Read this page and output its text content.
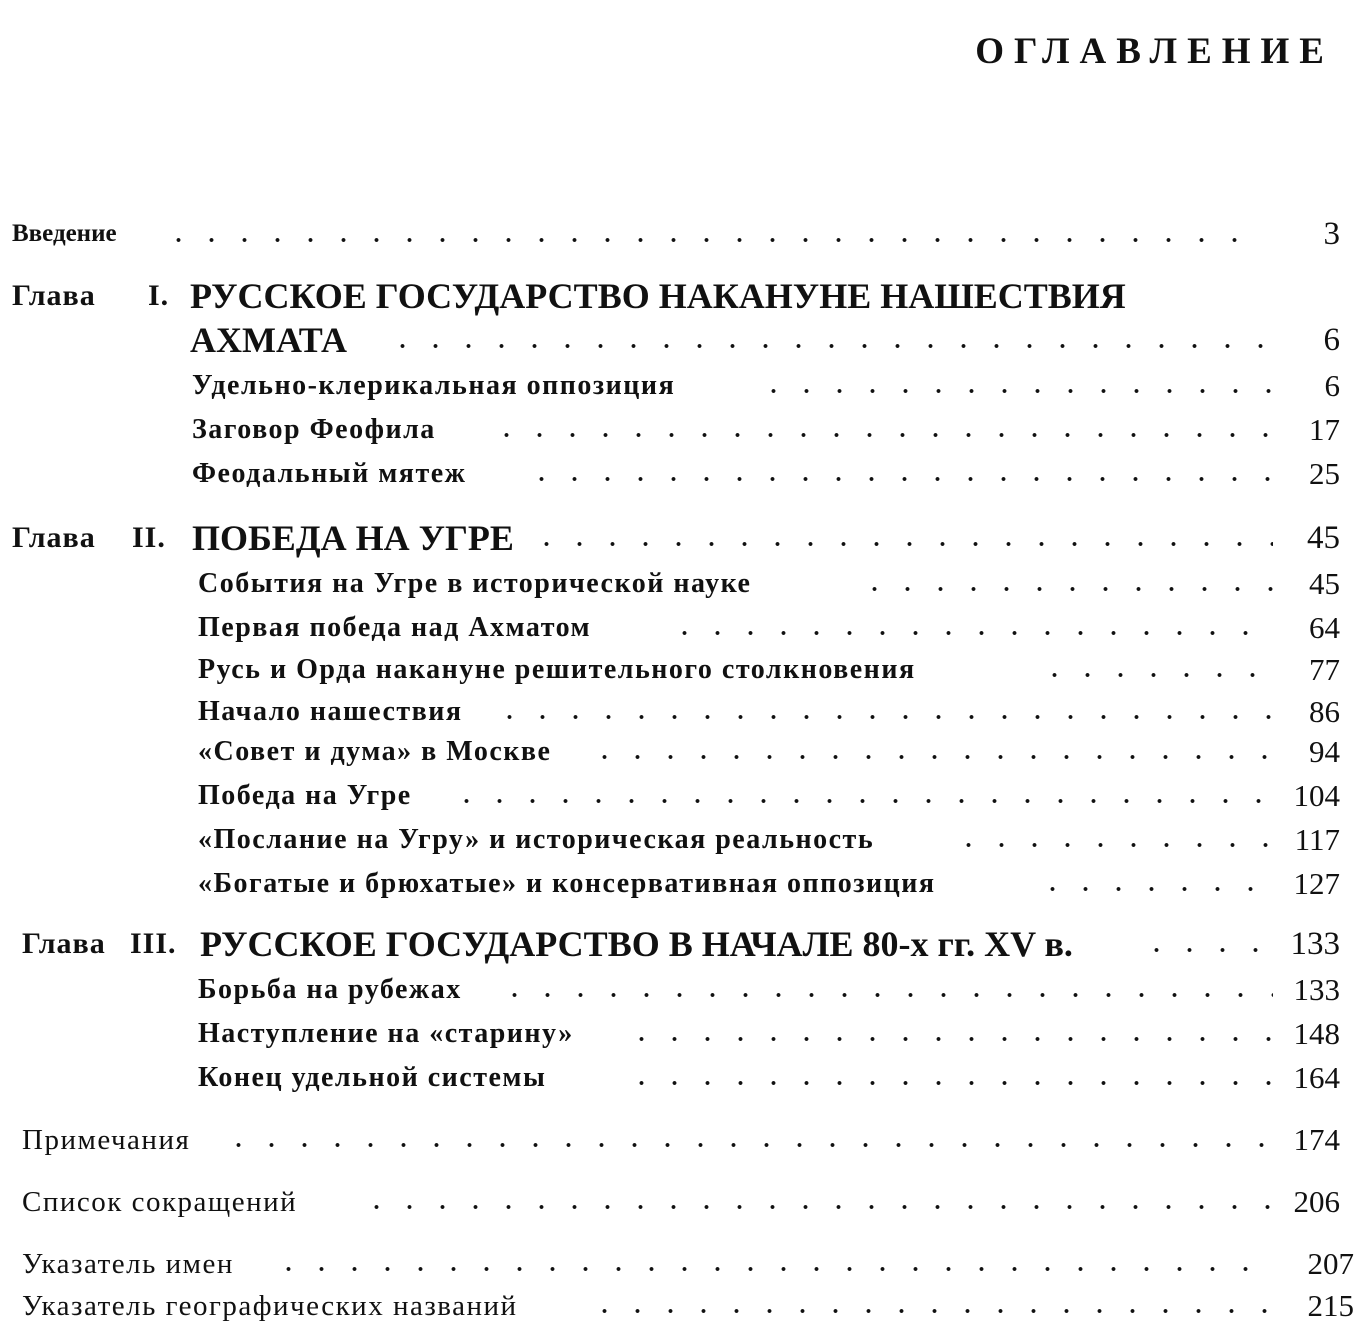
ОГЛАВЛЕНИЕ
Введение	3
Глава I. РУССКОЕ ГОСУДАРСТВО НАКАНУНЕ НАШЕСТВИЯ
АХМАТА	6
Удельно-клерикальная оппозиция	6
Заговор Феофила	17
Феодальный мятеж	25
Глава II. ПОБЕДА НА УГРЕ	45
События на Угре в исторической науке	45
Первая победа над Ахматом	64
Русь и Орда накануне решительного столкновения	77
Начало нашествия	86
«Совет и дума» в Москве	94
Победа на Угре	104
«Послание на Угру» и историческая реальность	117
«Богатые и брюхатые» и консервативная оппозиция	127
Глава III. РУССКОЕ ГОСУДАРСТВО В НАЧАЛЕ 80-х гг. XV в.	133
Борьба на рубежах	133
Наступление на «старину»	148
Конец удельной системы	164
Примечания	174
Список сокращений	206
Указатель имен	207
Указатель географических названий	215
